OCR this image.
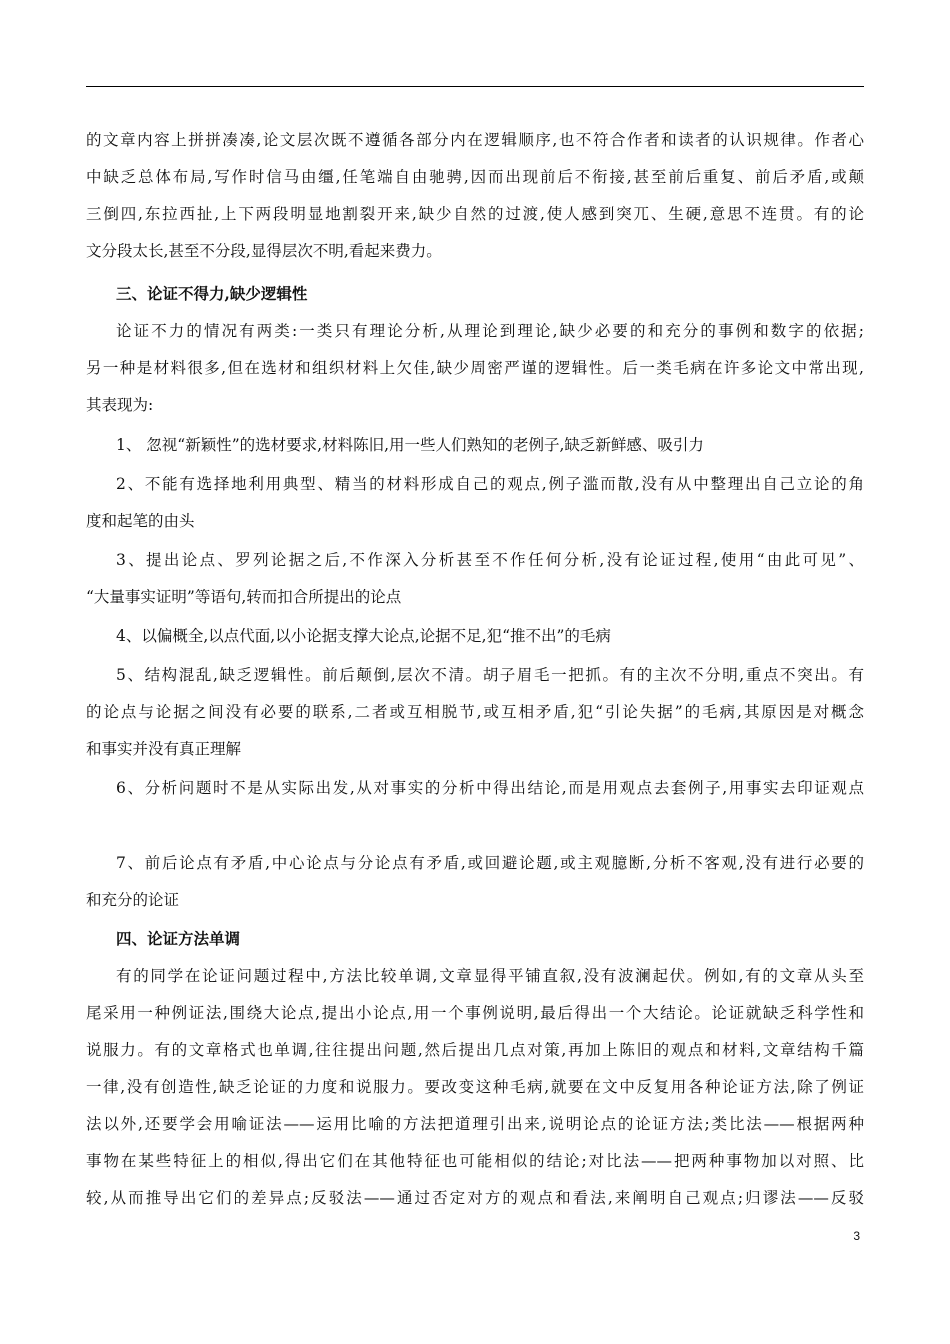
的文章内容上拼拼凑凑,论文层次既不遵循各部分内在逻辑顺序,也不符合作者和读者的认识规律。作者心
中缺乏总体布局,写作时信马由缰,任笔端自由驰骋,因而出现前后不衔接,甚至前后重复、前后矛盾,或颠
三倒四,东拉西扯,上下两段明显地割裂开来,缺少自然的过渡,使人感到突兀、生硬,意思不连贯。有的论
文分段太长,甚至不分段,显得层次不明,看起来费力。
三、论证不得力,缺少逻辑性
论证不力的情况有两类:一类只有理论分析,从理论到理论,缺少必要的和充分的事例和数字的依据;
另一种是材料很多,但在选材和组织材料上欠佳,缺少周密严谨的逻辑性。后一类毛病在许多论文中常出现,
其表现为:
1、 忽视“新颖性”的选材要求,材料陈旧,用一些人们熟知的老例子,缺乏新鲜感、吸引力
2、不能有选择地利用典型、精当的材料形成自己的观点,例子滥而散,没有从中整理出自己立论的角
度和起笔的由头
3、提出论点、罗列论据之后,不作深入分析甚至不作任何分析,没有论证过程,使用“由此可见”、
“大量事实证明”等语句,转而扣合所提出的论点
4、以偏概全,以点代面,以小论据支撑大论点,论据不足,犯“推不出”的毛病
5、结构混乱,缺乏逻辑性。前后颠倒,层次不清。胡子眉毛一把抓。有的主次不分明,重点不突出。有
的论点与论据之间没有必要的联系,二者或互相脱节,或互相矛盾,犯“引论失据”的毛病,其原因是对概念
和事实并没有真正理解
6、分析问题时不是从实际出发,从对事实的分析中得出结论,而是用观点去套例子,用事实去印证观点
7、前后论点有矛盾,中心论点与分论点有矛盾,或回避论题,或主观臆断,分析不客观,没有进行必要的
和充分的论证
四、论证方法单调
有的同学在论证问题过程中,方法比较单调,文章显得平铺直叙,没有波澜起伏。例如,有的文章从头至
尾采用一种例证法,围绕大论点,提出小论点,用一个事例说明,最后得出一个大结论。论证就缺乏科学性和
说服力。有的文章格式也单调,往往提出问题,然后提出几点对策,再加上陈旧的观点和材料,文章结构千篇
一律,没有创造性,缺乏论证的力度和说服力。要改变这种毛病,就要在文中反复用各种论证方法,除了例证
法以外,还要学会用喻证法——运用比喻的方法把道理引出来,说明论点的论证方法;类比法——根据两种
事物在某些特征上的相似,得出它们在其他特征也可能相似的结论;对比法——把两种事物加以对照、比
较,从而推导出它们的差异点;反驳法——通过否定对方的观点和看法,来阐明自己观点;归谬法——反驳
3
